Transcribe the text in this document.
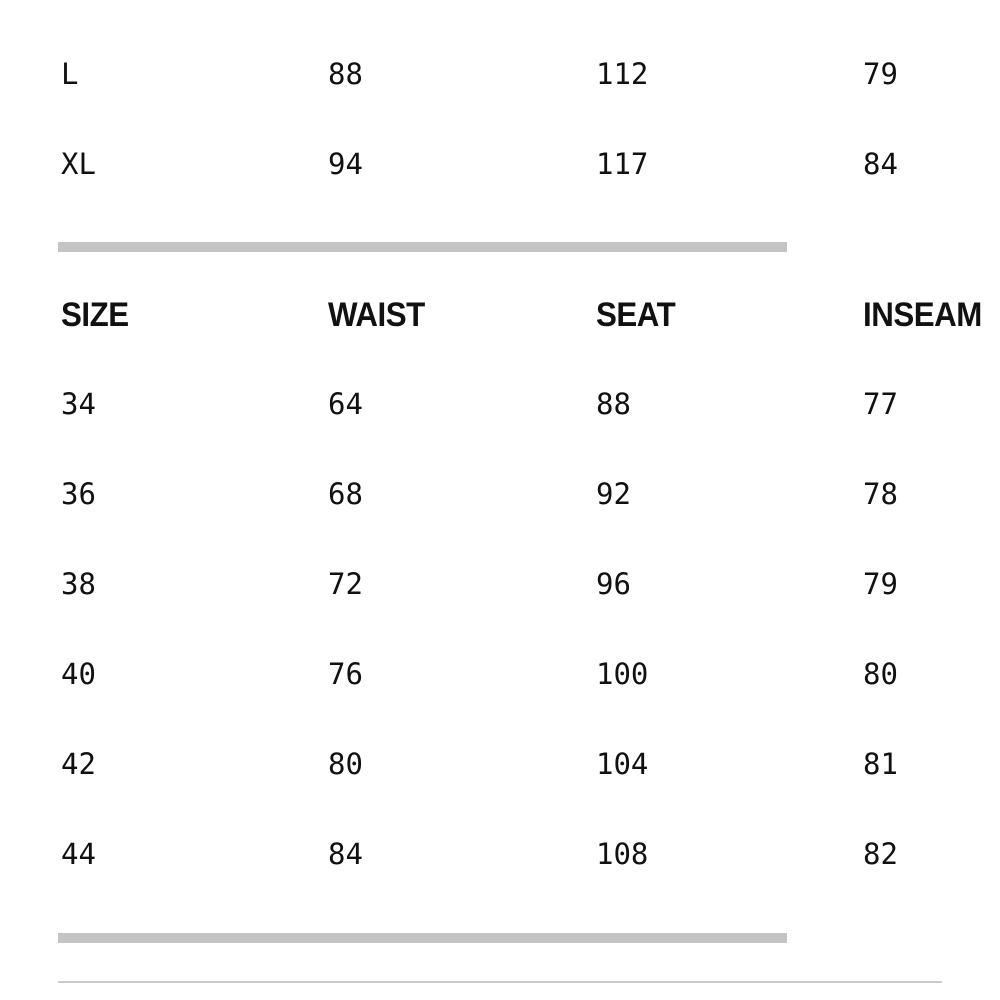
L	88	112	79
XL	94	117	84
SIZE	WAIST	SEAT	INSEAM
34	64	88	77
36	68	92	78
38	72	96	79
40	76	100	80
42	80	104	81
44	84	108	82
